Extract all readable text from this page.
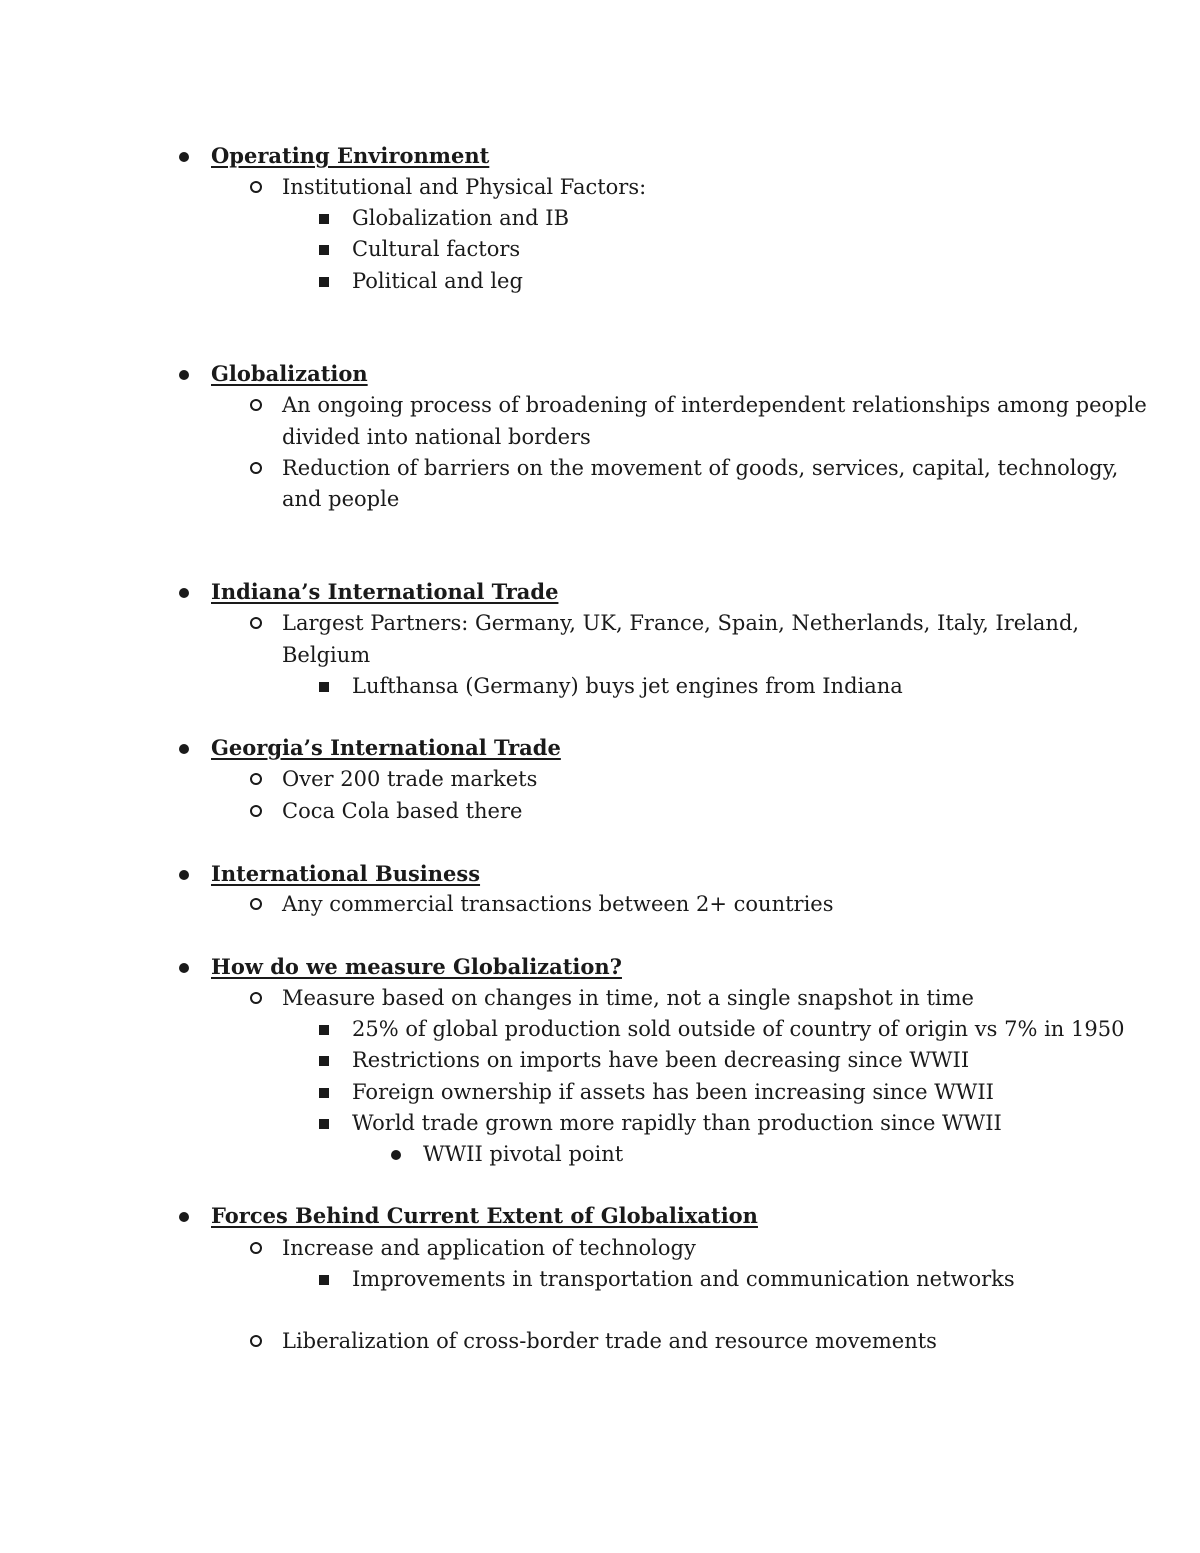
Operating Environment
Institutional and Physical Factors:
Globalization and IB
Cultural factors
Political and leg
Globalization
An ongoing process of broadening of interdependent relationships among people
divided into national borders
Reduction of barriers on the movement of goods, services, capital, technology,
and people
Indiana’s International Trade
Largest Partners: Germany, UK, France, Spain, Netherlands, Italy, Ireland,
Belgium
Lufthansa (Germany) buys jet engines from Indiana
Georgia’s International Trade
Over 200 trade markets
Coca Cola based there
International Business
Any commercial transactions between 2+ countries
How do we measure Globalization?
Measure based on changes in time, not a single snapshot in time
25% of global production sold outside of country of origin vs 7% in 1950
Restrictions on imports have been decreasing since WWII
Foreign ownership if assets has been increasing since WWII
World trade grown more rapidly than production since WWII
WWII pivotal point
Forces Behind Current Extent of Globalixation
Increase and application of technology
Improvements in transportation and communication networks
Liberalization of cross-border trade and resource movements
